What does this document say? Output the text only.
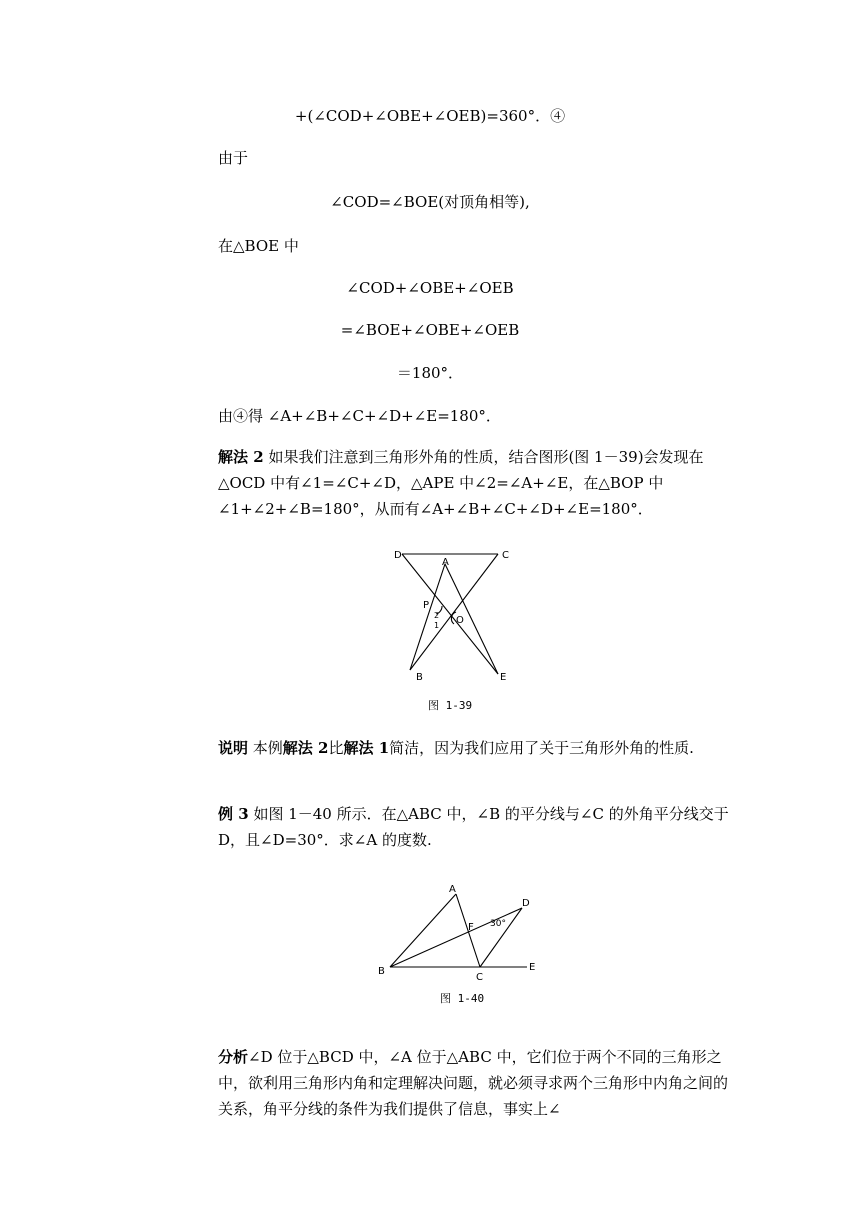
+(∠COD+∠OBE+∠OEB)=360°．④
由于
∠COD=∠BOE(对顶角相等),
在△BOE 中
∠COD+∠OBE+∠OEB
=∠BOE+∠OBE+∠OEB
＝180°．
由④得 ∠A+∠B+∠C+∠D+∠E=180°．
解法 2 如果我们注意到三角形外角的性质，结合图形(图 1－39)会发现在△OCD 中有∠1=∠C+∠D，△APE 中∠2=∠A+∠E，在△BOP 中∠1+∠2+∠B=180°，从而有∠A+∠B+∠C+∠D+∠E=180°．
D
A
C
P
2
1 O
B	E
图 1-39
说明 本例解法 2比解法 1简洁，因为我们应用了关于三角形外角的性质.
例 3 如图 1－40 所示．在△ABC 中，∠B 的平分线与∠C 的外角平分线交于 D，且∠D=30°．求∠A 的度数.
A
D
F 30°
B
C
E
图 1-40
分析∠D 位于△BCD 中，∠A 位于△ABC 中，它们位于两个不同的三角形之中，欲利用三角形内角和定理解决问题，就必须寻求两个三角形中内角之间的关系，角平分线的条件为我们提供了信息，事实上∠
